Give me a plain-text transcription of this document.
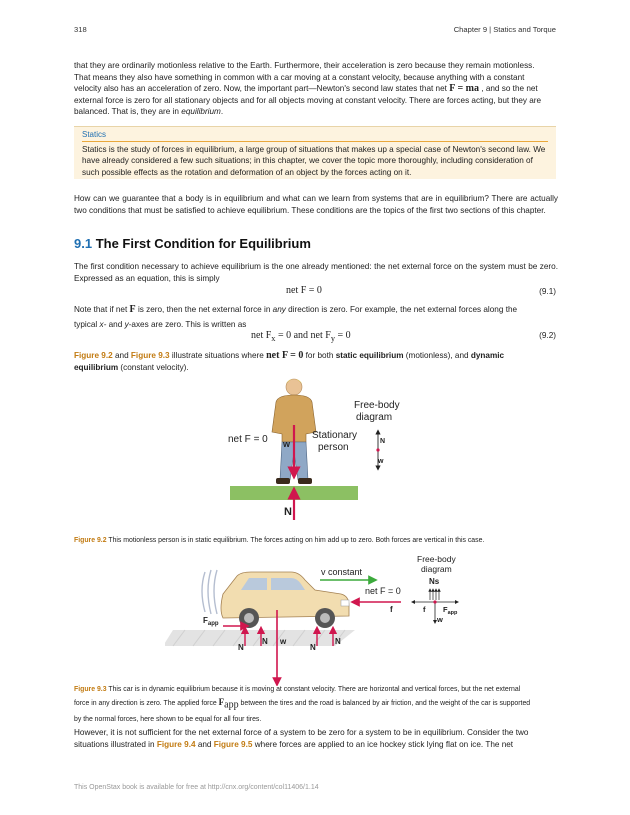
318	Chapter 9 | Statics and Torque

that they are ordinarily motionless relative to the Earth. Furthermore, their acceleration is zero because they remain motionless.

That means they also have something in common with a car moving at a constant velocity, because anything with a constant

velocity also has an acceleration of zero. Now, the important part—Newton's second law states that net F = ma , and so the net

external force is zero for all stationary objects and for all objects moving at constant velocity. There are forces acting, but they are

balanced. That is, they are in equilibrium.

Statics
Statics is the study of forces in equilibrium, a large group of situations that makes up a special case of Newton's second law. We have already considered a few such situations; in this chapter, we cover the topic more thoroughly, including consideration of such possible effects as the rotation and deformation of an object by the forces acting on it.
How can we guarantee that a body is in equilibrium and what can we learn from systems that are in equilibrium? There are actually two conditions that must be satisfied to achieve equilibrium. These conditions are the topics of the first two sections of this chapter.
9.1 The First Condition for Equilibrium
The first condition necessary to achieve equilibrium is the one already mentioned: the net external force on the system must be zero. Expressed as an equation, this is simply
net F = 0	(9.1)

Note that if net F is zero, then the net external force in any direction is zero. For example, the net external forces along the

typical x- and y-axes are zero. This is written as

net $F_x = 0$ and net $F_y = 0$	(9.2)

Figure 9.2 and Figure 9.3 illustrate situations where net F = 0 for both static equilibrium (motionless), and dynamic

equilibrium (constant velocity).

w
N
net F = 0	Stationary
person
Free-body
diagram
N
w
Figure 9.2 This motionless person is in static equilibrium. The forces acting on him add up to zero. Both forces are vertical in this case.
v constant
net F = 0
f
$F_{app}$
N
N
N
N
w
Free-body
diagram
Ns
f $F_{app}$
w
Figure 9.3 This car is in dynamic equilibrium because it is moving at constant velocity. There are horizontal and vertical forces, but the net external
force in any direction is zero. The applied force $F_{app}$ between the tires and the road is balanced by air friction, and the weight of the car is supported
by the normal forces, here shown to be equal for all four tires.

However, it is not sufficient for the net external force of a system to be zero for a system to be in equilibrium. Consider the two

situations illustrated in Figure 9.4 and Figure 9.5 where forces are applied to an ice hockey stick lying flat on ice. The net

This OpenStax book is available for free at http://cnx.org/content/col11406/1.14
